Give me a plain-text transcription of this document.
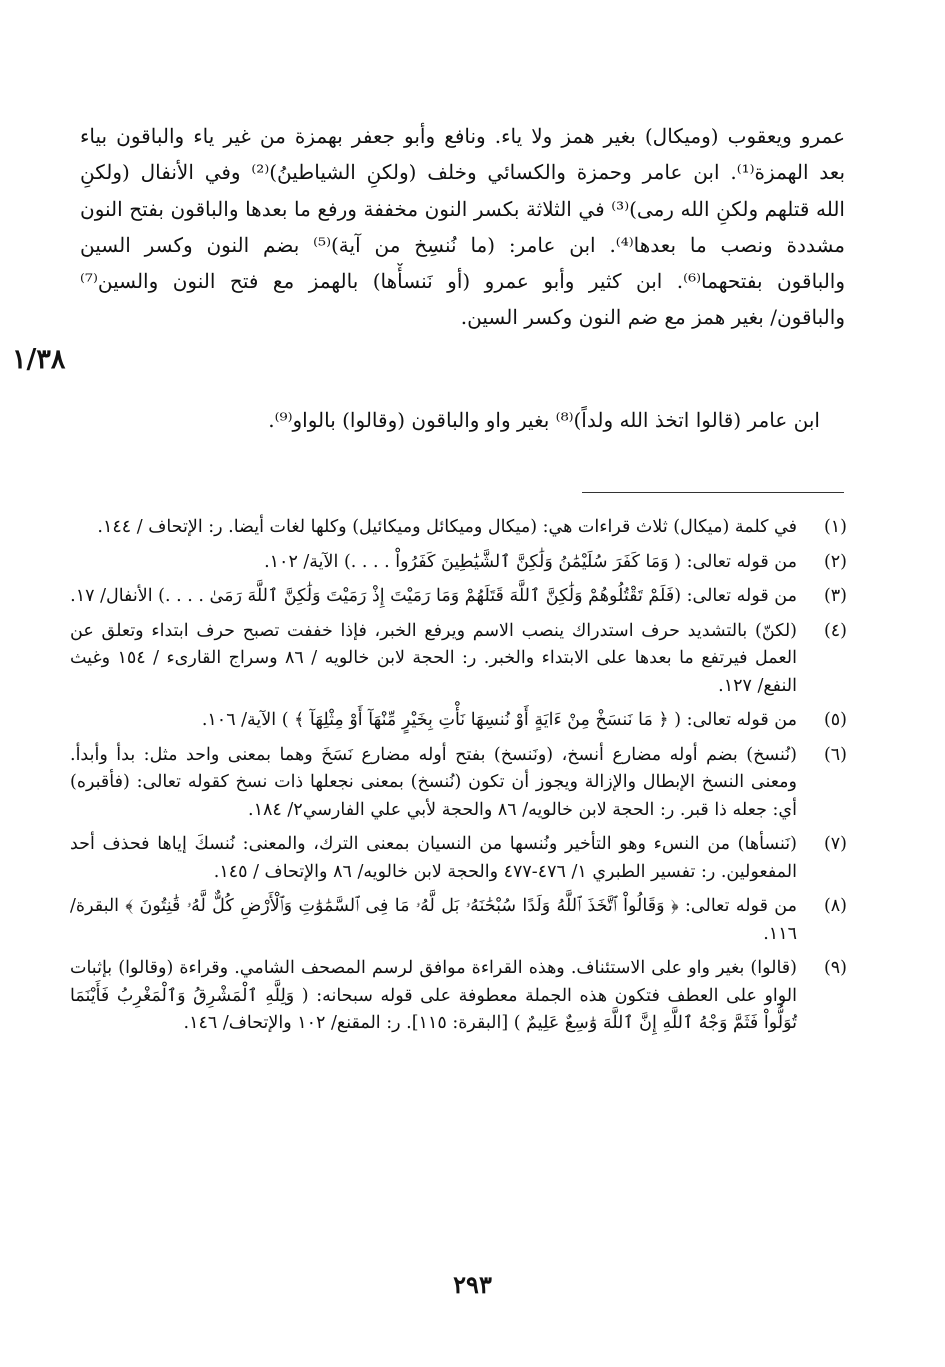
١/٣٨
عمرو ويعقوب (وميكال) بغير همز ولا ياء. ونافع وأبو جعفر بهمزة من غير ياء والباقون بياء
بعد الهمزة⁽¹⁾. ابن عامر وحمزة والكسائي وخلف (ولكنِ الشياطينُ)⁽²⁾ وفي الأنفال (ولكنِ
الله قتلهم ولكنِ الله رمى)⁽³⁾ في الثلاثة بكسر النون مخففة ورفع ما بعدها والباقون بفتح النون
مشددة ونصب ما بعدها⁽⁴⁾. ابن عامر: (ما نُنسِخ من آية)⁽⁵⁾ بضم النون وكسر السين
والباقون بفتحهما⁽⁶⁾. ابن كثير وأبو عمرو (أو نَنسأْها) بالهمز مع فتح النون والسين⁽⁷⁾
والباقون/ بغير همز مع ضم النون وكسر السين.
ابن عامر (قالوا اتخذ الله ولداً)⁽⁸⁾ بغير واو والباقون (وقالوا) بالواو⁽⁹⁾.
(١)
في كلمة (ميكال) ثلاث قراءات هي: (ميكال وميكائل وميكائيل) وكلها لغات أيضا. ر: الإتحاف / ١٤٤.
(٢)
من قوله تعالى: ( وَمَا كَفَرَ سُلَيْمَٰنُ وَلَٰكِنَّ ٱلشَّيَٰطِينَ كَفَرُواْ . . . .) الآية/ ١٠٢.
(٣)
من قوله تعالى: (فَلَمْ تَقْتُلُوهُمْ وَلَٰكِنَّ ٱللَّهَ قَتَلَهُمْ وَمَا رَمَيْتَ إِذْ رَمَيْتَ وَلَٰكِنَّ ٱللَّهَ رَمَىٰ . . . .) الأنفال/ ١٧.
(٤)
(لكنّ) بالتشديد حرف استدراك ينصب الاسم ويرفع الخبر، فإذا خففت تصبح حرف ابتداء وتعلق عن العمل فيرتفع ما بعدها على الابتداء والخبر. ر: الحجة لابن خالويه / ٨٦ وسراج القارىء / ١٥٤ وغيث النفع/ ١٢٧.
(٥)
من قوله تعالى: ( ﴿ مَا نَنسَخْ مِنْ ءَايَةٍ أَوْ نُنسِهَا نَأْتِ بِخَيْرٍ مِّنْهَآ أَوْ مِثْلِهَآ ﴾ ) الآية/ ١٠٦.
(٦)
(نُنسخ) بضم أوله مضارع أنسخ، (ونَنسخ) بفتح أوله مضارع نَسَخَ وهما بمعنى واحد مثل: بدأ وأبدأ. ومعنى النسخ الإبطال والإزالة ويجوز أن تكون (نُنسخ) بمعنى نجعلها ذات نسخ كقوله تعالى: (فأقبره) أي: جعله ذا قبر. ر: الحجة لابن خالويه/ ٨٦ والحجة لأبي علي الفارسي٢/ ١٨٤.
(٧)
(نَنسأها) من النسء وهو التأخير ونُنسها من النسيان بمعنى الترك، والمعنى: نُنسكَ إياها فحذف أحد المفعولين. ر: تفسير الطبري ١/ ٤٧٦-٤٧٧ والحجة لابن خالويه/ ٨٦ والإتحاف / ١٤٥.
(٨)
من قوله تعالى: ﴿ وَقَالُواْ ٱتَّخَذَ ٱللَّهُ وَلَدًا سُبْحَٰنَهُۥ بَل لَّهُۥ مَا فِى ٱلسَّمَٰوَٰتِ وَٱلْأَرْضِ كُلٌّ لَّهُۥ قَٰنِتُونَ ﴾ البقرة/ ١١٦.
(٩)
(قالوا) بغير واو على الاستئناف. وهذه القراءة موافق لرسم المصحف الشامي. وقراءة (وقالوا) بإثبات الواو على العطف فتكون هذه الجملة معطوفة على قوله سبحانه: ( وَلِلَّهِ ٱلْمَشْرِقُ وَٱلْمَغْرِبُ فَأَيْنَمَا تُوَلُّواْ فَثَمَّ وَجْهُ ٱللَّهِ إِنَّ ٱللَّهَ وَٰسِعٌ عَلِيمٌ ) [البقرة: ١١٥]. ر: المقنع/ ١٠٢ والإتحاف/ ١٤٦.
٢٩٣
